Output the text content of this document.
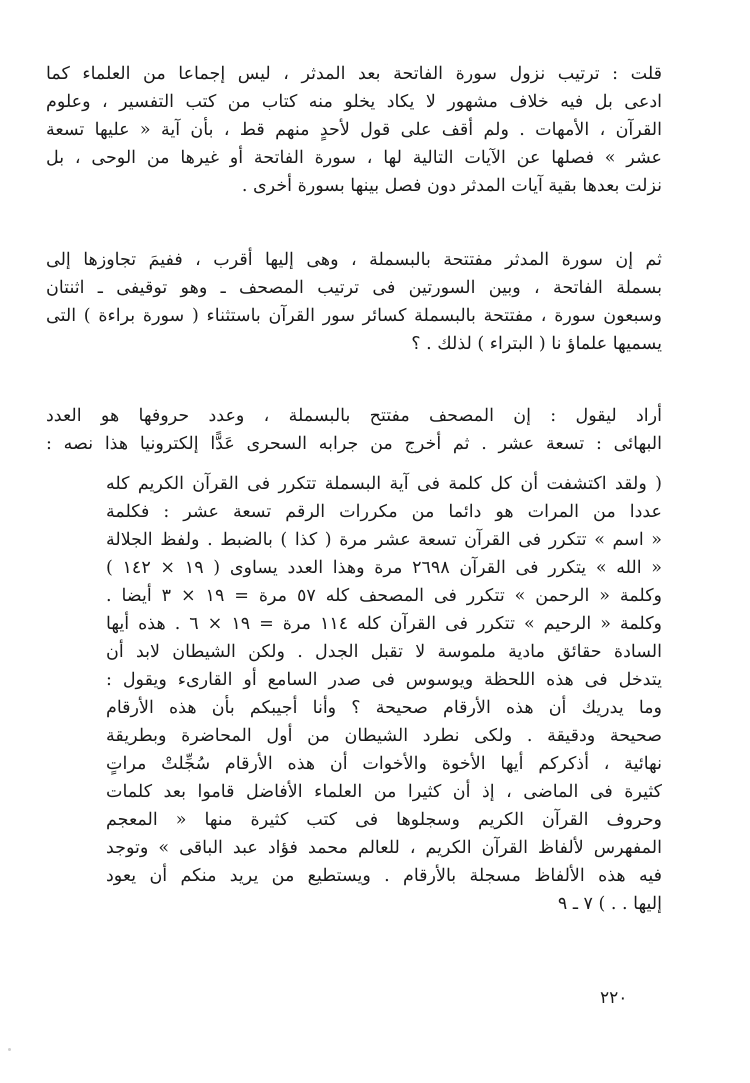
قلت : ترتيب نزول سورة الفاتحة بعد المدثر ، ليس إجماعا من العلماء كما
ادعى بل فيه خلاف مشهور لا يكاد يخلو منه كتاب من كتب التفسير ، وعلوم
القرآن ، الأمهات . ولم أقف على قول لأحدٍ منهم قط ، بأن آية « عليها تسعة
عشر » فصلها عن الآيات التالية لها ، سورة الفاتحة أو غيرها من الوحى ، بل
نزلت بعدها بقية آيات المدثر دون فصل بينها بسورة أخرى .
ثم إن سورة المدثر مفتتحة بالبسملة ، وهى إليها أقرب ، ففيمَ تجاوزها إلى
بسملة الفاتحة ، وبين السورتين فى ترتيب المصحف ـ وهو توقيفى ـ اثنتان
وسبعون سورة ، مفتتحة بالبسملة كسائر سور القرآن باستثناء ( سورة براءة ) التى
يسميها علماؤ نا ( البتراء ) لذلك . ؟
أراد ليقول : إن المصحف مفتتح بالبسملة ، وعدد حروفها هو العدد
البهائى : تسعة عشر . ثم أخرج من جرابه السحرى عَدًّا إلكترونيا هذا نصه :
( ولقد اكتشفت أن كل كلمة فى آية البسملة تتكرر فى القرآن الكريم كله
عددا من المرات هو دائما من مكررات الرقم تسعة عشر : فكلمة
« اسم » تتكرر فى القرآن تسعة عشر مرة ( كذا ) بالضبط . ولفظ الجلالة
« الله » يتكرر فى القرآن ٢٦٩٨ مرة وهذا العدد يساوى ( ١٩ × ١٤٢ )
وكلمة « الرحمن » تتكرر فى المصحف كله ٥٧ مرة = ١٩ × ٣ أيضا .
وكلمة « الرحيم » تتكرر فى القرآن كله ١١٤ مرة = ١٩ × ٦ . هذه أيها
السادة حقائق مادية ملموسة لا تقبل الجدل . ولكن الشيطان لابد أن
يتدخل فى هذه اللحظة ويوسوس فى صدر السامع أو القارىء ويقول :
وما يدريك أن هذه الأرقام صحيحة ؟ وأنا أجيبكم بأن هذه الأرقام
صحيحة ودقيقة . ولكى نطرد الشيطان من أول المحاضرة وبطريقة
نهائية ، أذكركم أيها الأخوة والأخوات أن هذه الأرقام سُجِّلتْ مراتٍ
كثيرة فى الماضى ، إذ أن كثيرا من العلماء الأفاضل قاموا بعد كلمات
وحروف القرآن الكريم وسجلوها فى كتب كثيرة منها « المعجم
المفهرس لألفاظ القرآن الكريم ، للعالم محمد فؤاد عبد الباقى » وتوجد
فيه هذه الألفاظ مسجلة بالأرقام . ويستطيع من يريد منكم أن يعود
إليها . . ) ٧ ـ ٩
٢٢٠
